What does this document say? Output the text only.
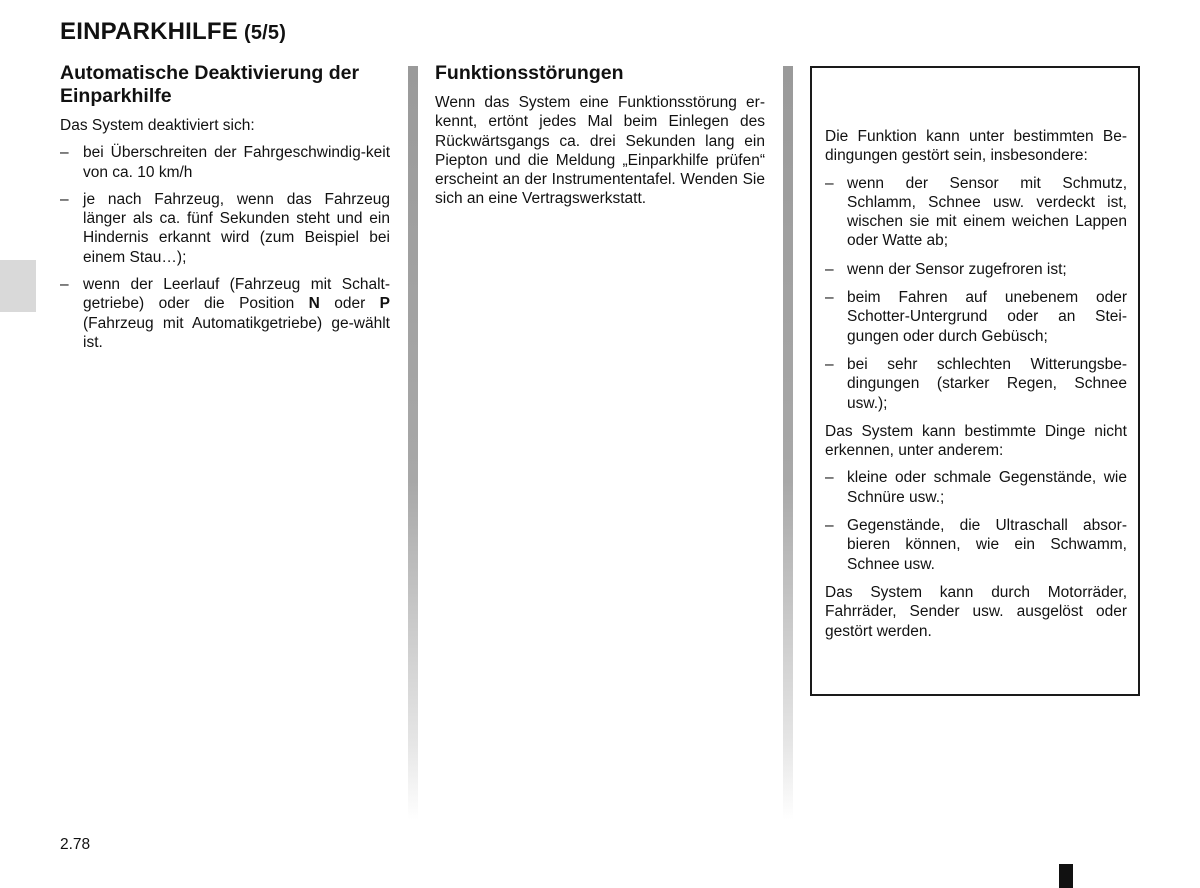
EINPARKHILFE (5/5)
Automatische Deaktivierung der Einparkhilfe

Das System deaktiviert sich:

– bei Überschreiten der Fahrgeschwindig-keit von ca. 10 km/h
– je nach Fahrzeug, wenn das Fahrzeug länger als ca. fünf Sekunden steht und ein Hindernis erkannt wird (zum Beispiel bei einem Stau…);
– wenn der Leerlauf (Fahrzeug mit Schalt-getriebe) oder die Position N oder P (Fahrzeug mit Automatikgetriebe) ge-wählt ist.
Funktionsstörungen

Wenn das System eine Funktionsstörung er-kennt, ertönt jedes Mal beim Einlegen des Rückwärtsgangs ca. drei Sekunden lang ein Piepton und die Meldung „Einparkhilfe prüfen“ erscheint an der Instrumententafel. Wenden Sie sich an eine Vertragswerkstatt.

Die Funktion kann unter bestimmten Be-dingungen gestört sein, insbesondere:

– wenn der Sensor mit Schmutz, Schlamm, Schnee usw. verdeckt ist, wischen sie mit einem weichen Lappen oder Watte ab;
– wenn der Sensor zugefroren ist;
– beim Fahren auf unebenem oder Schotter-Untergrund oder an Stei-gungen oder durch Gebüsch;
– bei sehr schlechten Witterungsbe-dingungen (starker Regen, Schnee usw.);

Das System kann bestimmte Dinge nicht erkennen, unter anderem:

– kleine oder schmale Gegenstände, wie Schnüre usw.;
– Gegenstände, die Ultraschall absor-bieren können, wie ein Schwamm, Schnee usw.

Das System kann durch Motorräder, Fahrräder, Sender usw. ausgelöst oder gestört werden.

2.78
